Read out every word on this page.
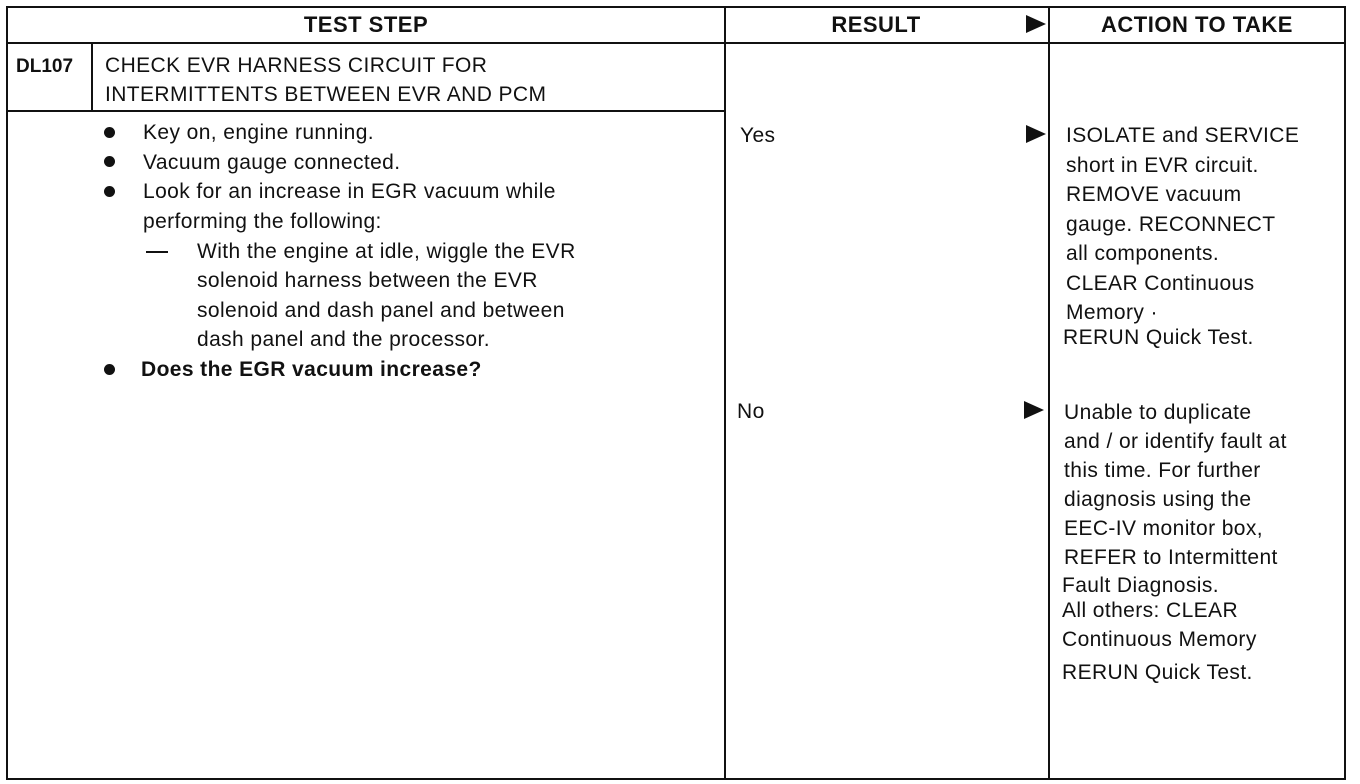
TEST STEP	RESULT	ACTION TO TAKE
DL107 CHECK EVR HARNESS CIRCUIT FOR
INTERMITTENTS BETWEEN EVR AND PCM
Key on, engine running.
Vacuum gauge connected.
Look for an increase in EGR vacuum while
performing the following:
With the engine at idle, wiggle the EVR
solenoid harness between the EVR
solenoid and dash panel and between
dash panel and the processor.
Does the EGR vacuum increase?
Yes
No
ISOLATE and SERVICE
short in EVR circuit.
REMOVE vacuum
gauge. RECONNECT
all components.
CLEAR Continuous
Memory ·
RERUN Quick Test.
Unable to duplicate
and / or identify fault at
this time. For further
diagnosis using the
EEC-IV monitor box,
REFER to Intermittent
Fault Diagnosis.
All others: CLEAR
Continuous Memory
RERUN Quick Test.
